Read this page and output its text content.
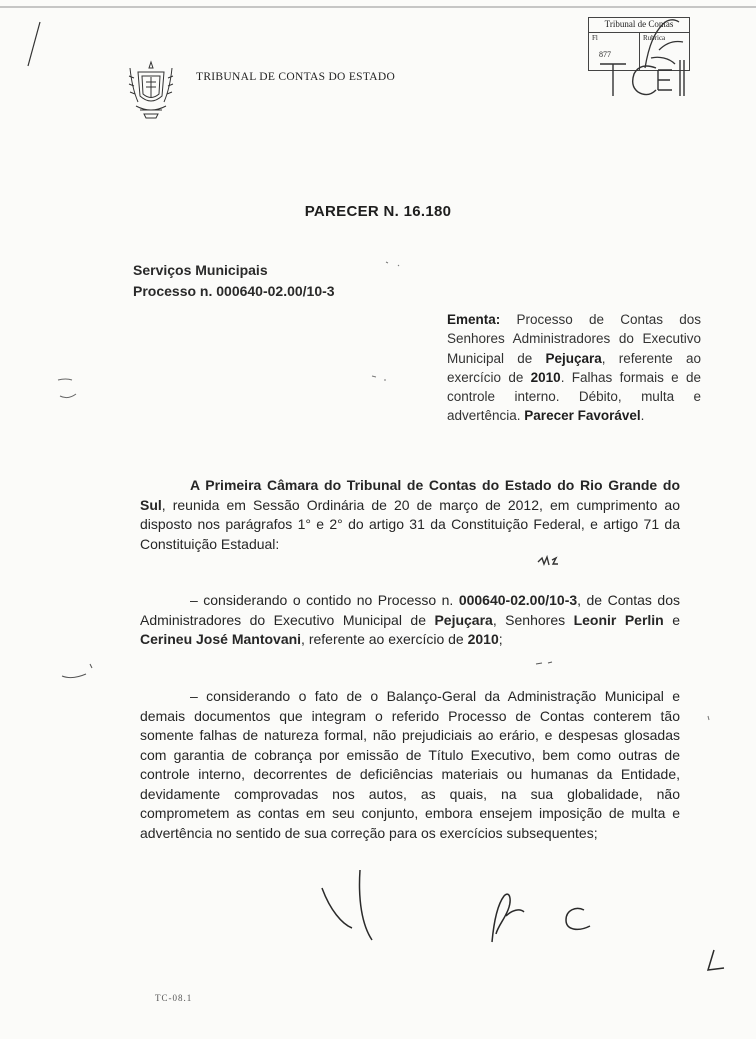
TRIBUNAL DE CONTAS DO ESTADO
Tribunal de Contas
Fl	Rubrica
877
TCE
PARECER N. 16.180
Serviços Municipais
Processo n. 000640-02.00/10-3
Ementa: Processo de Contas dos Senhores Administradores do Executivo Municipal de Pejuçara, referente ao exercício de 2010. Falhas formais e de controle interno. Débito, multa e advertência. Parecer Favorável.
A Primeira Câmara do Tribunal de Contas do Estado do Rio Grande do Sul, reunida em Sessão Ordinária de 20 de março de 2012, em cumprimento ao disposto nos parágrafos 1° e 2° do artigo 31 da Constituição Federal, e artigo 71 da Constituição Estadual:
– considerando o contido no Processo n. 000640-02.00/10-3, de Contas dos Administradores do Executivo Municipal de Pejuçara, Senhores Leonir Perlin e Cerineu José Mantovani, referente ao exercício de 2010;
– considerando o fato de o Balanço-Geral da Administração Municipal e demais documentos que integram o referido Processo de Contas conterem tão somente falhas de natureza formal, não prejudiciais ao erário, e despesas glosadas com garantia de cobrança por emissão de Título Executivo, bem como outras de controle interno, decorrentes de deficiências materiais ou humanas da Entidade, devidamente comprovadas nos autos, as quais, na sua globalidade, não comprometem as contas em seu conjunto, embora ensejem imposição de multa e advertência no sentido de sua correção para os exercícios subsequentes;
TC-08.1
